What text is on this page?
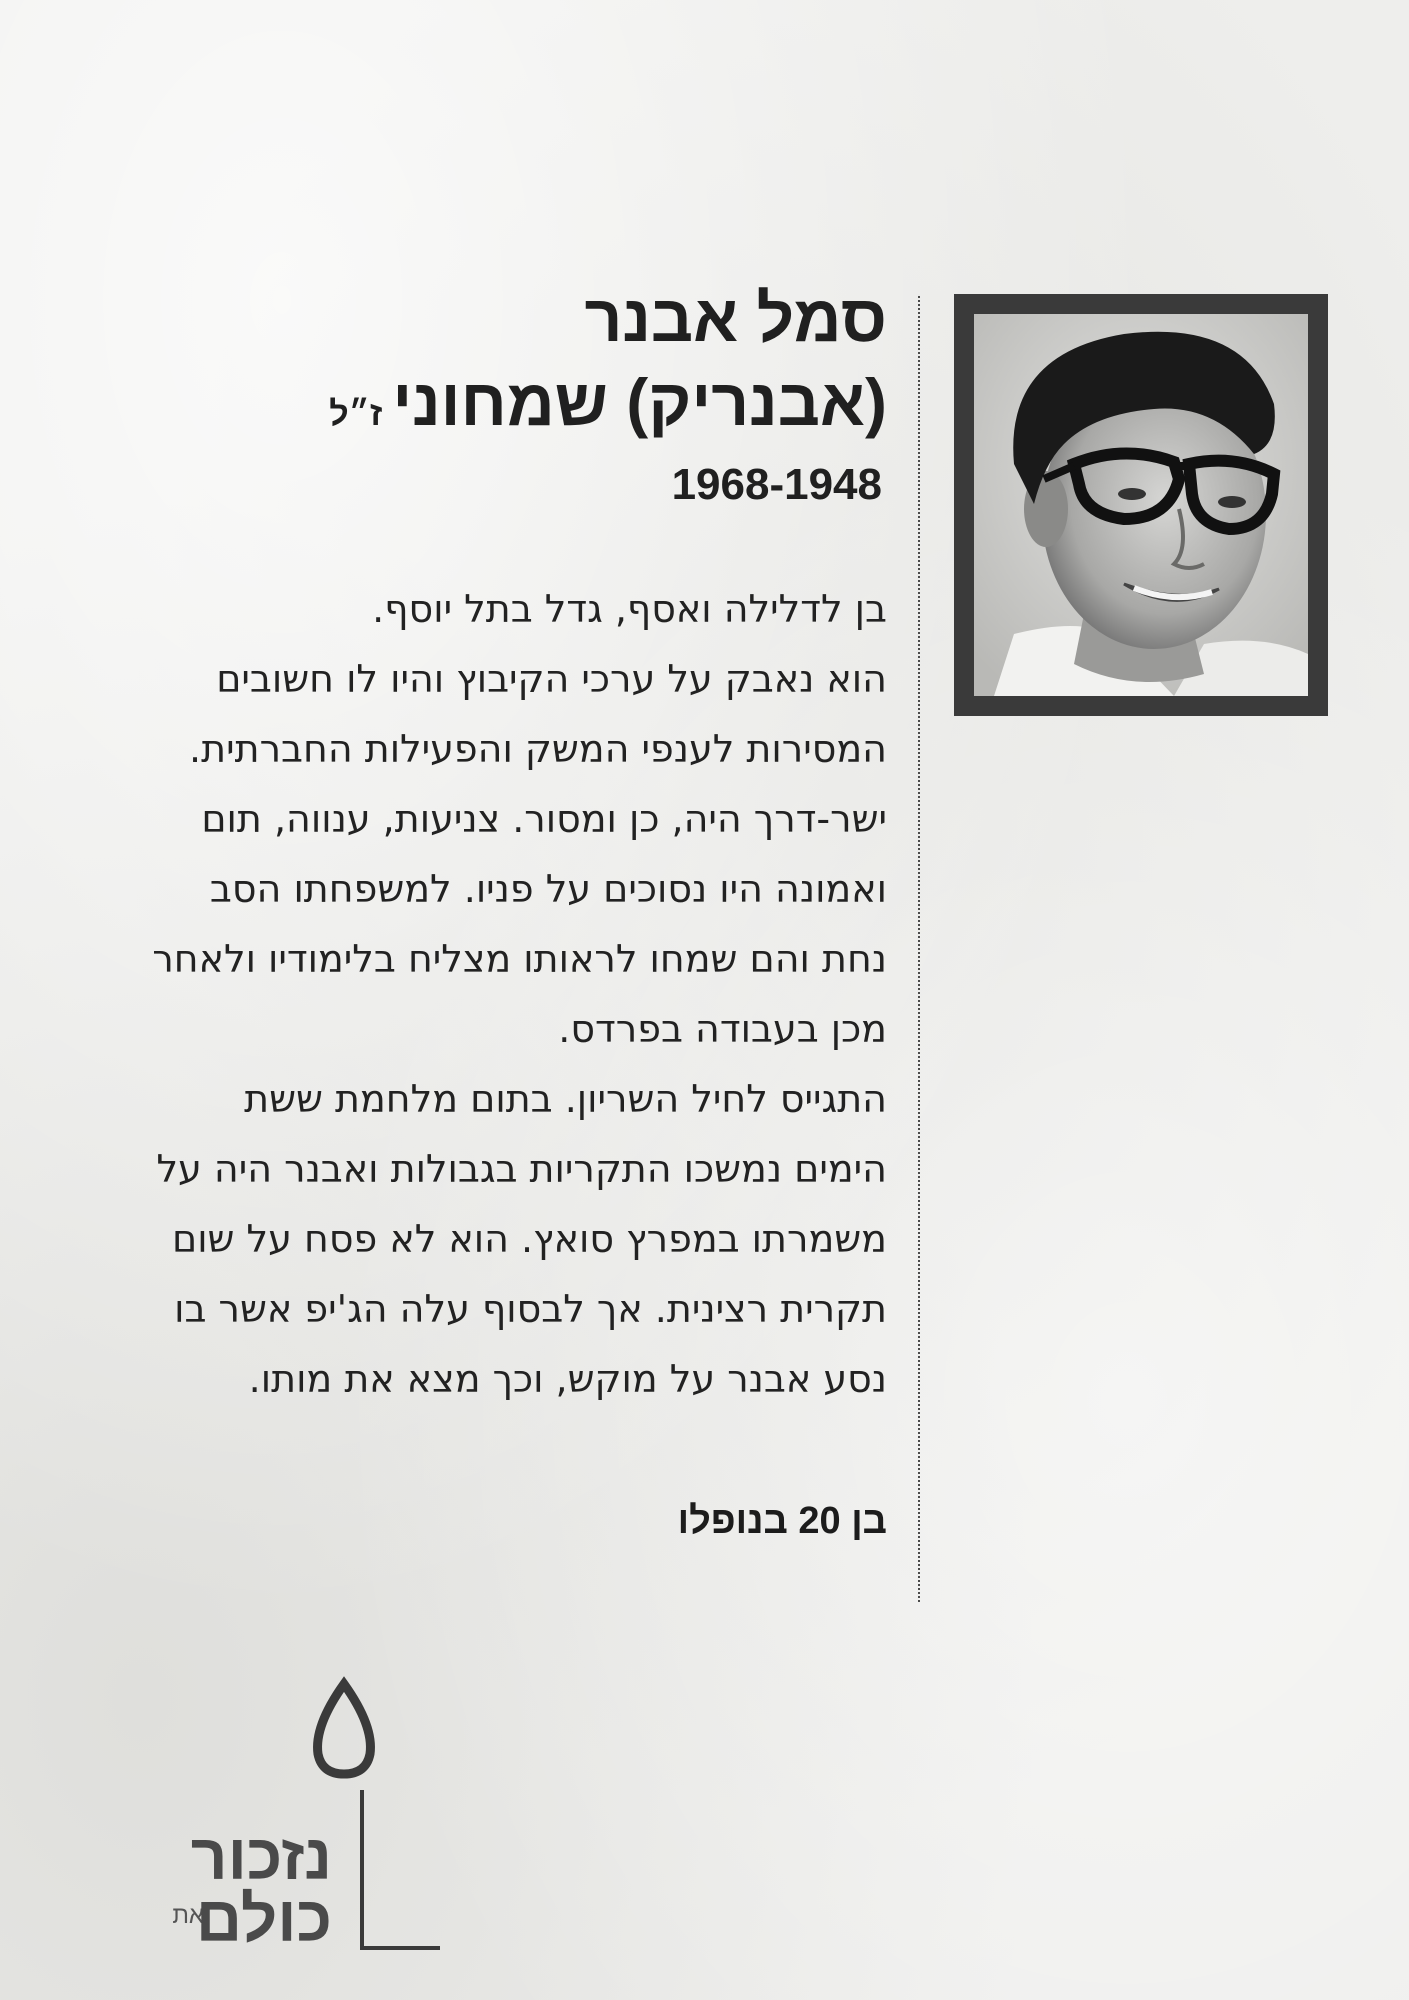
סמל אבנר
(אבנריק) שמחוניז״ל
1968-1948
בן לדלילה ואסף, גדל בתל יוסף.
הוא נאבק על ערכי הקיבוץ והיו לו חשובים
המסירות לענפי המשק והפעילות החברתית.
ישר-דרך היה, כן ומסור. צניעות, ענווה, תום
ואמונה היו נסוכים על פניו. למשפחתו הסב
נחת והם שמחו לראותו מצליח בלימודיו ולאחר
מכן בעבודה בפרדס.
התגייס לחיל השריון. בתום מלחמת ששת
הימים נמשכו התקריות בגבולות ואבנר היה על
משמרתו במפרץ סואץ. הוא לא פסח על שום
תקרית רצינית. אך לבסוף עלה הג'יפ אשר בו
נסע אבנר על מוקש, וכך מצא את מותו.
בן 20 בנופלו
נזכור
את
כולם
